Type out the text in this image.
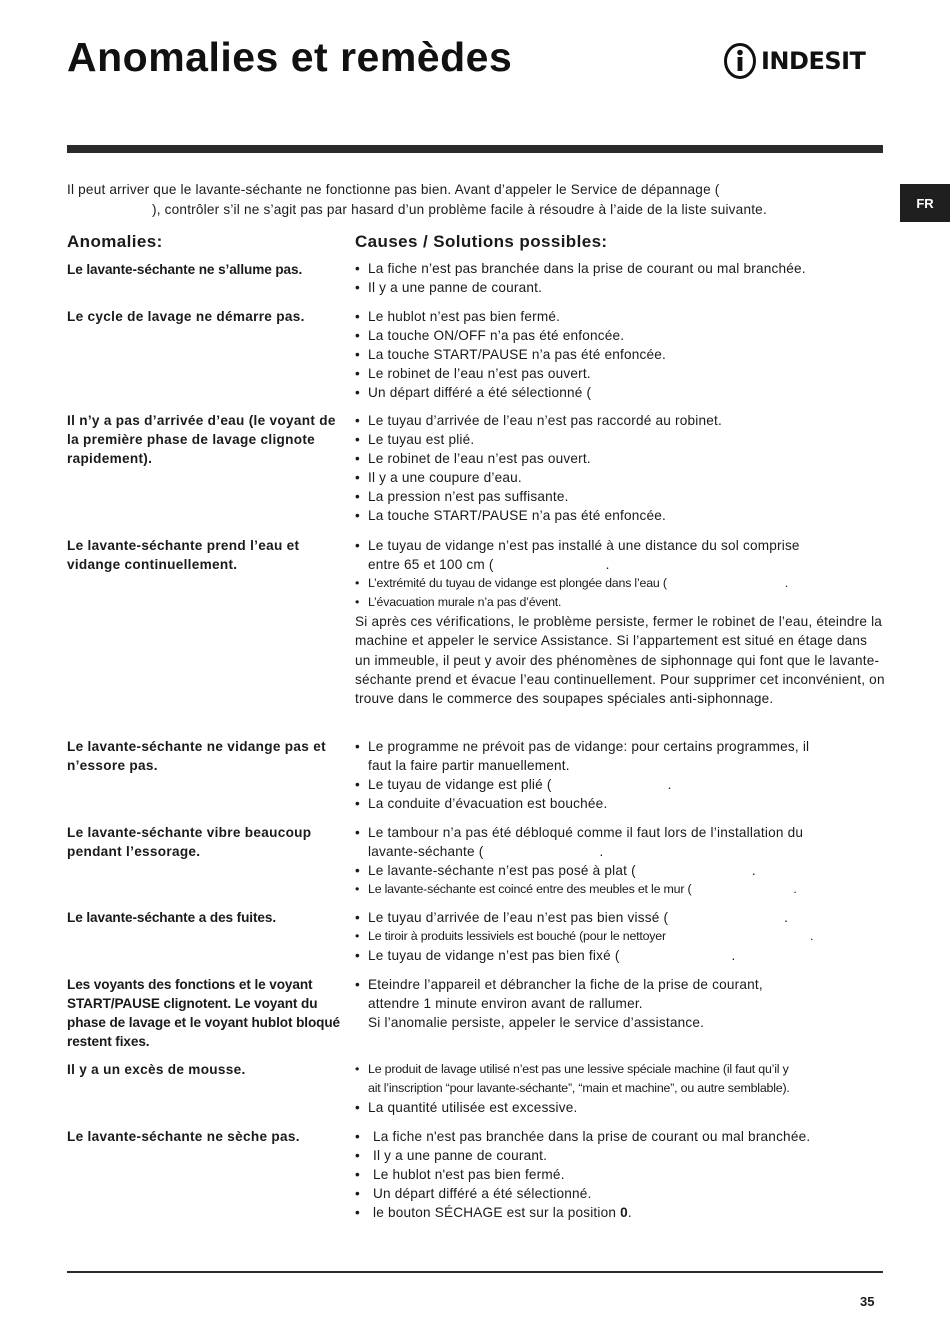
Anomalies et remèdes	INDESIT
FR

Il peut arriver que le lavante-séchante ne fonctionne pas bien. Avant d’appeler le Service de dépannage (

), contrôler s’il ne s’agit pas par hasard d’un problème facile à résoudre à l’aide de la liste suivante.

Anomalies:	Causes / Solutions possibles:
Le lavante-séchante ne s’allume pas.	• La fiche n’est pas branchée dans la prise de courant ou mal branchée.

• Il y a une panne de courant.

Le cycle de lavage ne démarre pas.	• Le hublot n’est pas bien fermé.

• La touche ON/OFF n’a pas été enfoncée.

• La touche START/PAUSE n’a pas été enfoncée.

• Le robinet de l’eau n’est pas ouvert.

• Un départ différé a été sélectionné (

Il n’y a pas d’arrivée d’eau (le voyant de la première phase de lavage clignote rapidement).

• Le tuyau d’arrivée de l’eau n’est pas raccordé au robinet.

• Le tuyau est plié.

• Le robinet de l’eau n’est pas ouvert.

• Il y a une coupure d’eau.

• La pression n’est pas suffisante.

• La touche START/PAUSE n’a pas été enfoncée.

Le lavante-séchante prend l’eau et vidange continuellement.

• Le tuyau de vidange n’est pas installé à une distance du sol comprise

entre 65 et 100 cm (	.

• L’extrémité du tuyau de vidange est plongée dans l’eau (	.

• L’évacuation murale n’a pas d’évent.

Si après ces vérifications, le problème persiste, fermer le robinet de l’eau, éteindre la machine et appeler le service Assistance. Si l’appartement est situé en étage dans un immeuble, il peut y avoir des phénomènes de siphonnage qui font que le lavante-séchante prend et évacue l’eau continuellement. Pour supprimer cet inconvénient, on trouve dans le commerce des soupapes spéciales anti-siphonnage.

Le lavante-séchante ne vidange pas et n’essore pas.

• Le programme ne prévoit pas de vidange: pour certains programmes, il

faut la faire partir manuellement.

• Le tuyau de vidange est plié (	.

• La conduite d’évacuation est bouchée.

Le lavante-séchante vibre beaucoup pendant l’essorage.

• Le tambour n’a pas été débloqué comme il faut lors de l’installation du

lavante-séchante (	.

• Le lavante-séchante n’est pas posé à plat (	.

• Le lavante-séchante est coincé entre des meubles et le mur (	.

Le lavante-séchante a des fuites.	• Le tuyau d’arrivée de l’eau n’est pas bien vissé (	.

• Le tiroir à produits lessiviels est bouché (pour le nettoyer	.

• Le tuyau de vidange n’est pas bien fixé (	.

Les voyants des fonctions et le voyant START/PAUSE clignotent. Le voyant du phase de lavage et le voyant hublot bloqué restent fixes.

• Eteindre l’appareil et débrancher la fiche de la prise de courant,

attendre 1 minute environ avant de rallumer.

Si l’anomalie persiste, appeler le service d’assistance.

Il y a un excès de mousse.	• Le produit de lavage utilisé n’est pas une lessive spéciale machine (il faut qu’il y

ait l’inscription “pour lavante-séchante”, “main et machine”, ou autre semblable).

• La quantité utilisée est excessive.

Le lavante-séchante ne sèche pas.	• La fiche n'est pas branchée dans la prise de courant ou mal branchée.

• Il y a une panne de courant.

• Le hublot n'est pas bien fermé.

• Un départ différé a été sélectionné.

• le bouton SÉCHAGE est sur la position 0.

35
